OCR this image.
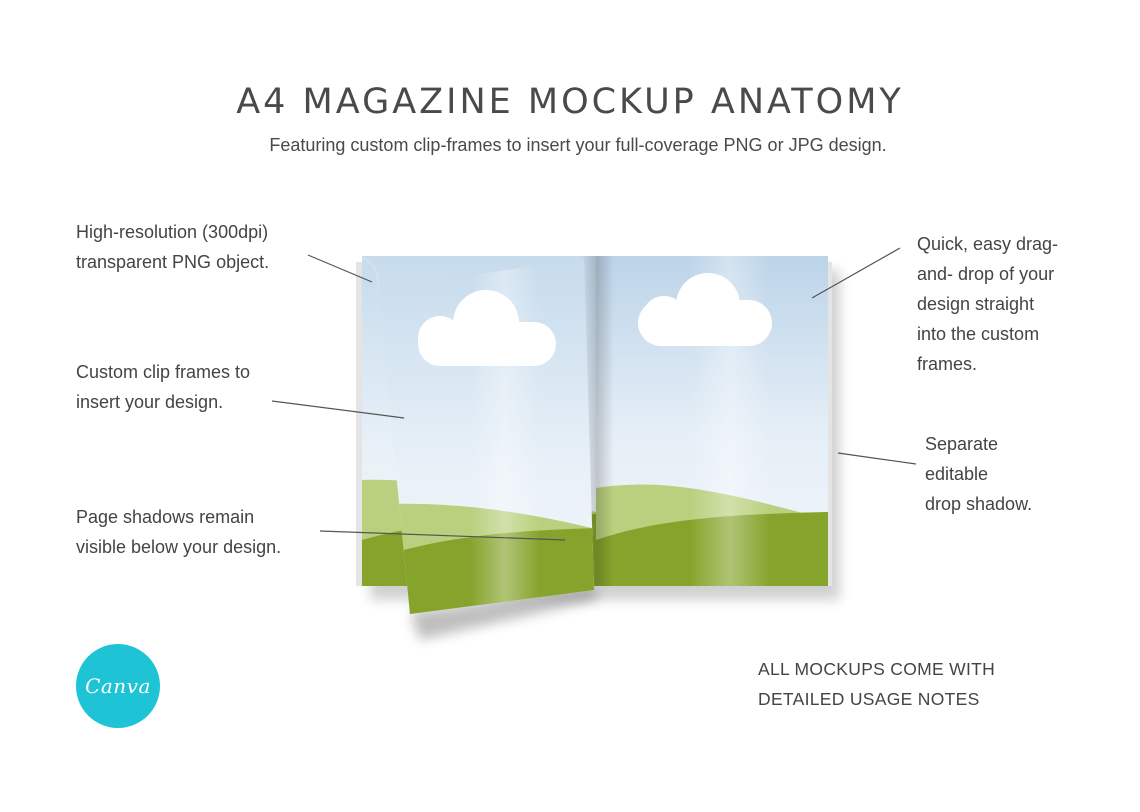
A4 MAGAZINE MOCKUP ANATOMY
Featuring custom clip-frames to insert your full-coverage PNG or JPG design.
High-resolution (300dpi)
transparent PNG object.
Custom clip frames to
insert your design.
Page shadows remain
visible below your design.
Quick, easy drag-
and- drop of your
design straight
into the custom
frames.
Separate
editable
drop shadow.
Canva
ALL MOCKUPS COME WITH
DETAILED USAGE NOTES
